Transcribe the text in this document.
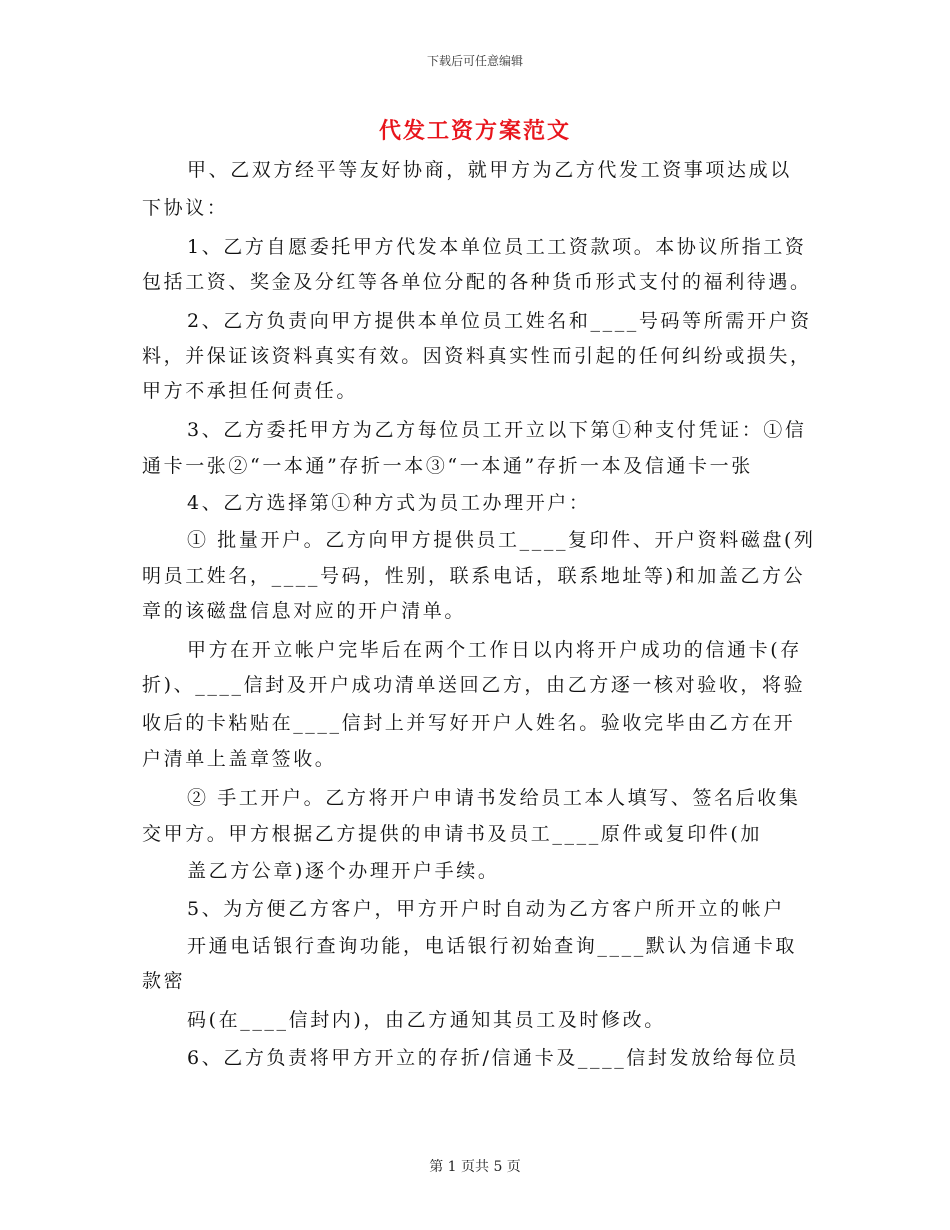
下载后可任意编辑
代发工资方案范文
甲、乙双方经平等友好协商，就甲方为乙方代发工资事项达成以
下协议：
1、乙方自愿委托甲方代发本单位员工工资款项。本协议所指工资
包括工资、奖金及分红等各单位分配的各种货币形式支付的福利待遇。
2、乙方负责向甲方提供本单位员工姓名和____号码等所需开户资
料，并保证该资料真实有效。因资料真实性而引起的任何纠纷或损失，
甲方不承担任何责任。
3、乙方委托甲方为乙方每位员工开立以下第①种支付凭证：①信
通卡一张②“一本通”存折一本③“一本通”存折一本及信通卡一张
4、乙方选择第①种方式为员工办理开户：
① 批量开户。乙方向甲方提供员工____复印件、开户资料磁盘(列
明员工姓名，____号码，性别，联系电话，联系地址等)和加盖乙方公
章的该磁盘信息对应的开户清单。
甲方在开立帐户完毕后在两个工作日以内将开户成功的信通卡(存
折)、____信封及开户成功清单送回乙方，由乙方逐一核对验收，将验
收后的卡粘贴在____信封上并写好开户人姓名。验收完毕由乙方在开
户清单上盖章签收。
② 手工开户。乙方将开户申请书发给员工本人填写、签名后收集
交甲方。甲方根据乙方提供的申请书及员工____原件或复印件(加
盖乙方公章)逐个办理开户手续。
5、为方便乙方客户，甲方开户时自动为乙方客户所开立的帐户
开通电话银行查询功能，电话银行初始查询____默认为信通卡取
款密
码(在____信封内)，由乙方通知其员工及时修改。
6、乙方负责将甲方开立的存折/信通卡及____信封发放给每位员
第 1 页共 5 页
